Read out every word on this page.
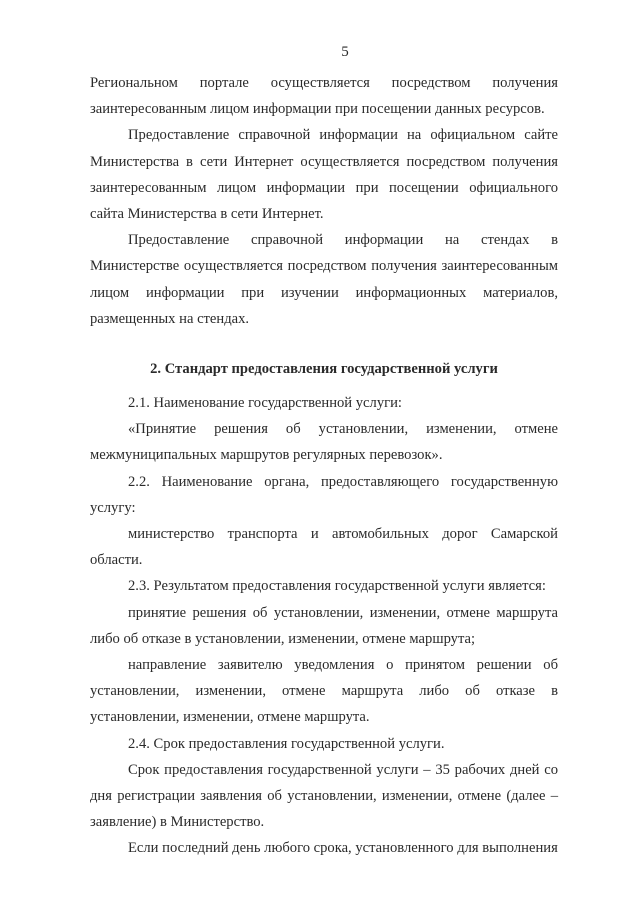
5

Региональном портале осуществляется посредством получения заинтересованным лицом информации при посещении данных ресурсов.

Предоставление справочной информации на официальном сайте Министерства в сети Интернет осуществляется посредством получения заинтересованным лицом информации при посещении официального сайта Министерства в сети Интернет.

Предоставление справочной информации на стендах в Министерстве осуществляется посредством получения заинтересованным лицом информации при изучении информационных материалов, размещенных на стендах.

2. Стандарт предоставления государственной услуги

2.1. Наименование государственной услуги:

«Принятие решения об установлении, изменении, отмене межмуниципальных маршрутов регулярных перевозок».

2.2. Наименование органа, предоставляющего государственную услугу:

министерство транспорта и автомобильных дорог Самарской области.

2.3. Результатом предоставления государственной услуги является:

принятие решения об установлении, изменении, отмене маршрута либо об отказе в установлении, изменении, отмене маршрута;

направление заявителю уведомления о принятом решении об установлении, изменении, отмене маршрута либо об отказе в установлении, изменении, отмене маршрута.

2.4. Срок предоставления государственной услуги.

Срок предоставления государственной услуги – 35 рабочих дней со дня регистрации заявления об установлении, изменении, отмене (далее – заявление) в Министерство.

Если последний день любого срока, установленного для выполнения
